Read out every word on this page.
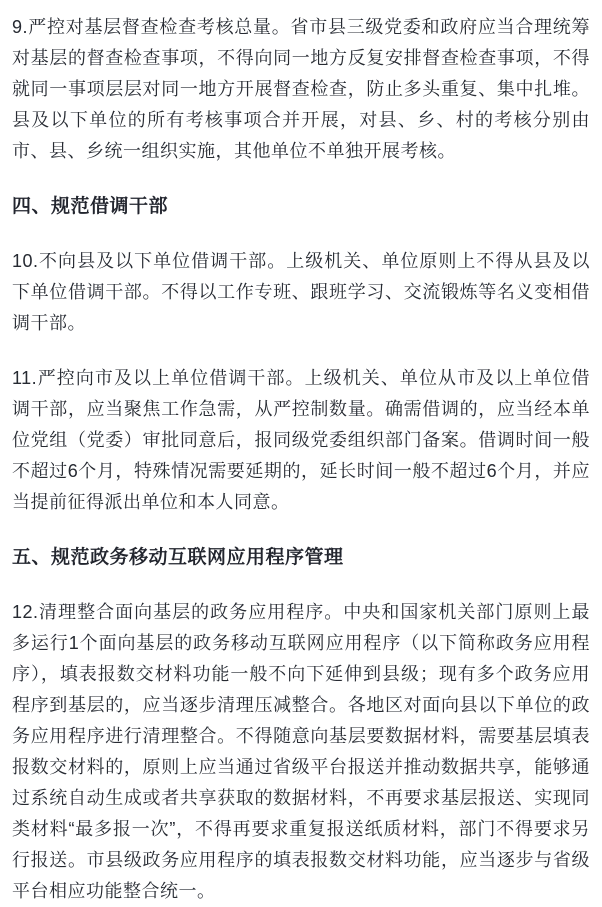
9.严控对基层督查检查考核总量。省市县三级党委和政府应当合理统筹对基层的督查检查事项，不得向同一地方反复安排督查检查事项，不得就同一事项层层对同一地方开展督查检查，防止多头重复、集中扎堆。县及以下单位的所有考核事项合并开展，对县、乡、村的考核分别由市、县、乡统一组织实施，其他单位不单独开展考核。

四、规范借调干部

10.不向县及以下单位借调干部。上级机关、单位原则上不得从县及以下单位借调干部。不得以工作专班、跟班学习、交流锻炼等名义变相借调干部。

11.严控向市及以上单位借调干部。上级机关、单位从市及以上单位借调干部，应当聚焦工作急需，从严控制数量。确需借调的，应当经本单位党组（党委）审批同意后，报同级党委组织部门备案。借调时间一般不超过6个月，特殊情况需要延期的，延长时间一般不超过6个月，并应当提前征得派出单位和本人同意。

五、规范政务移动互联网应用程序管理

12.清理整合面向基层的政务应用程序。中央和国家机关部门原则上最多运行1个面向基层的政务移动互联网应用程序（以下简称政务应用程序），填表报数交材料功能一般不向下延伸到县级；现有多个政务应用程序到基层的，应当逐步清理压减整合。各地区对面向县以下单位的政务应用程序进行清理整合。不得随意向基层要数据材料，需要基层填表报数交材料的，原则上应当通过省级平台报送并推动数据共享，能够通过系统自动生成或者共享获取的数据材料，不再要求基层报送、实现同类材料“最多报一次”，不得再要求重复报送纸质材料，部门不得要求另行报送。市县级政务应用程序的填表报数交材料功能，应当逐步与省级平台相应功能整合统一。
